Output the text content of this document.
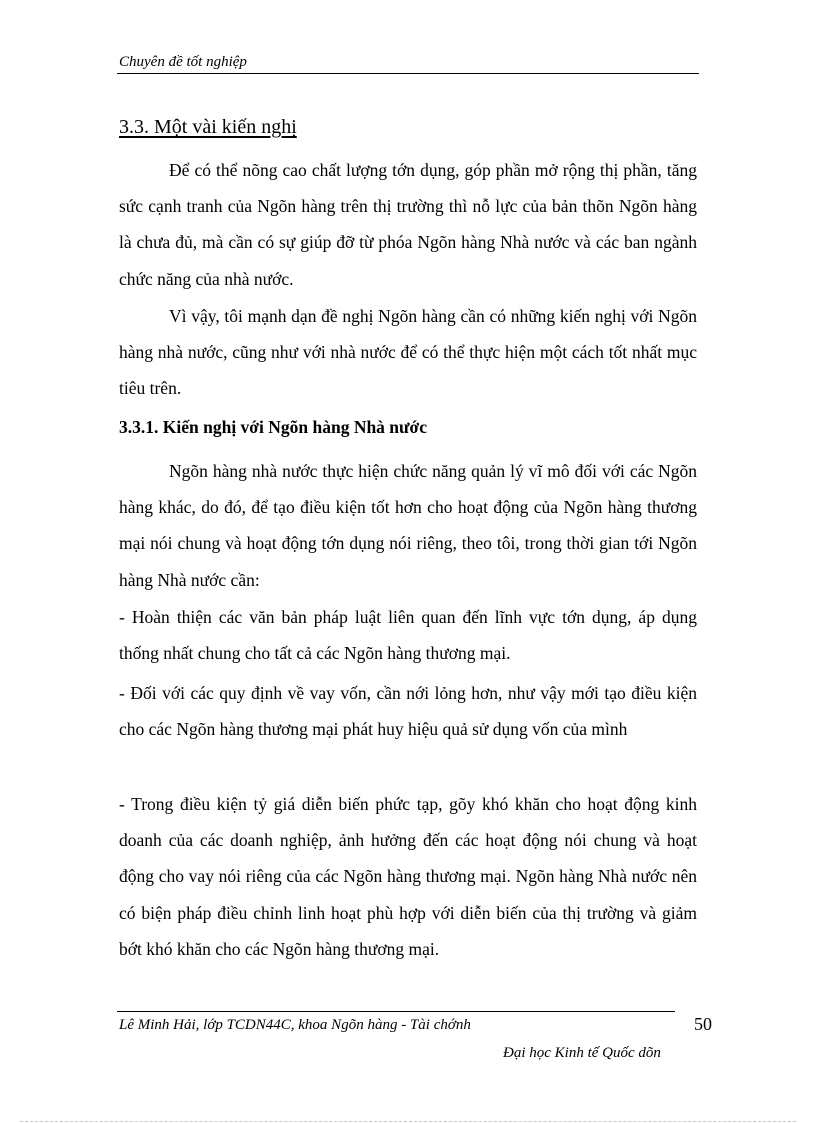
Chuyên đề tốt nghiệp
3.3. Một vài kiến nghị

Để có thể nõng cao chất lượng tớn dụng, góp phần mở rộng thị phần, tăng sức cạnh tranh của Ngõn hàng trên thị trường thì nỗ lực của bản thõn Ngõn hàng là chưa đủ, mà cần có sự giúp đỡ từ phóa Ngõn hàng Nhà nước và các ban ngành chức năng của nhà nước.

Vì vậy, tôi mạnh dạn đề nghị Ngõn hàng cần có những kiến nghị với Ngõn hàng nhà nước, cũng như với nhà nước để có thể thực hiện một cách tốt nhất mục tiêu trên.

3.3.1. Kiến nghị với Ngõn hàng Nhà nước

Ngõn hàng nhà nước thực hiện chức năng quản lý vĩ mô đối với các Ngõn hàng khác, do đó, để tạo điều kiện tốt hơn cho hoạt động của Ngõn hàng thương mại nói chung và hoạt động tớn dụng nói riêng, theo tôi, trong thời gian tới Ngõn hàng Nhà nước cần:

- Hoàn thiện các văn bản pháp luật liên quan đến lĩnh vực tớn dụng, áp dụng thống nhất chung cho tất cả các Ngõn hàng thương mại.

- Đối với các quy định về vay vốn, cần nới lỏng hơn, như vậy mới tạo điều kiện cho các Ngõn hàng thương mại phát huy hiệu quả sử dụng vốn của mình

- Trong điều kiện tỷ giá diễn biến phức tạp, gõy khó khăn cho hoạt động kinh doanh của các doanh nghiệp, ảnh hưởng đến các hoạt động nói chung và hoạt động cho vay nói riêng của các Ngõn hàng thương mại. Ngõn hàng Nhà nước nên có biện pháp điều chỉnh linh hoạt phù hợp với diễn biến của thị trường và giảm bớt khó khăn cho các Ngõn hàng thương mại.

Lê Minh Hải, lớp TCDN44C, khoa Ngõn hàng - Tài chớnh	50
Đại học Kinh tế Quốc dõn
